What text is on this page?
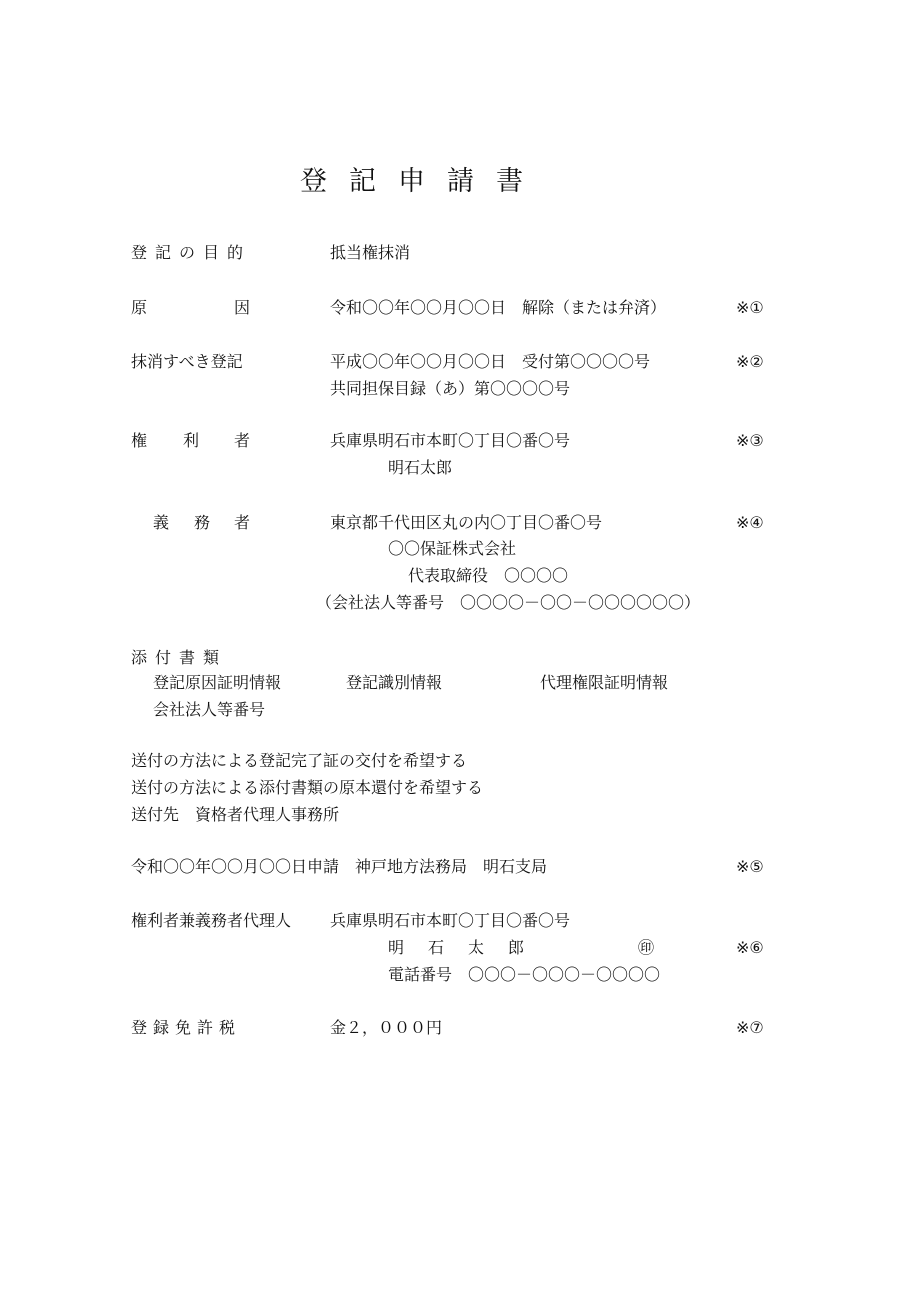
登記申請書
登記の目的	抵当権抹消
原	因	令和〇〇年〇〇月〇〇日　解除（または弁済）	※①
抹消すべき登記	平成〇〇年〇〇月〇〇日　受付第〇〇〇〇号	※②
共同担保目録（あ）第〇〇〇〇号
権 利 者	兵庫県明石市本町〇丁目〇番〇号	※③
明石太郎
義 務 者	東京都千代田区丸の内〇丁目〇番〇号	※④
〇〇保証株式会社
代表取締役　〇〇〇〇
（会社法人等番号　〇〇〇〇－〇〇－〇〇〇〇〇〇）
添付書類
登記原因証明情報	登記識別情報	代理権限証明情報
会社法人等番号
送付の方法による登記完了証の交付を希望する
送付の方法による添付書類の原本還付を希望する
送付先　資格者代理人事務所
令和〇〇年〇〇月〇〇日申請　神戸地方法務局　明石支局	※⑤
権利者兼義務者代理人 兵庫県明石市本町〇丁目〇番〇号
明石太郎	㊞	※⑥
電話番号　〇〇〇－〇〇〇－〇〇〇〇
登録免許税	金２，０００円	※⑦
